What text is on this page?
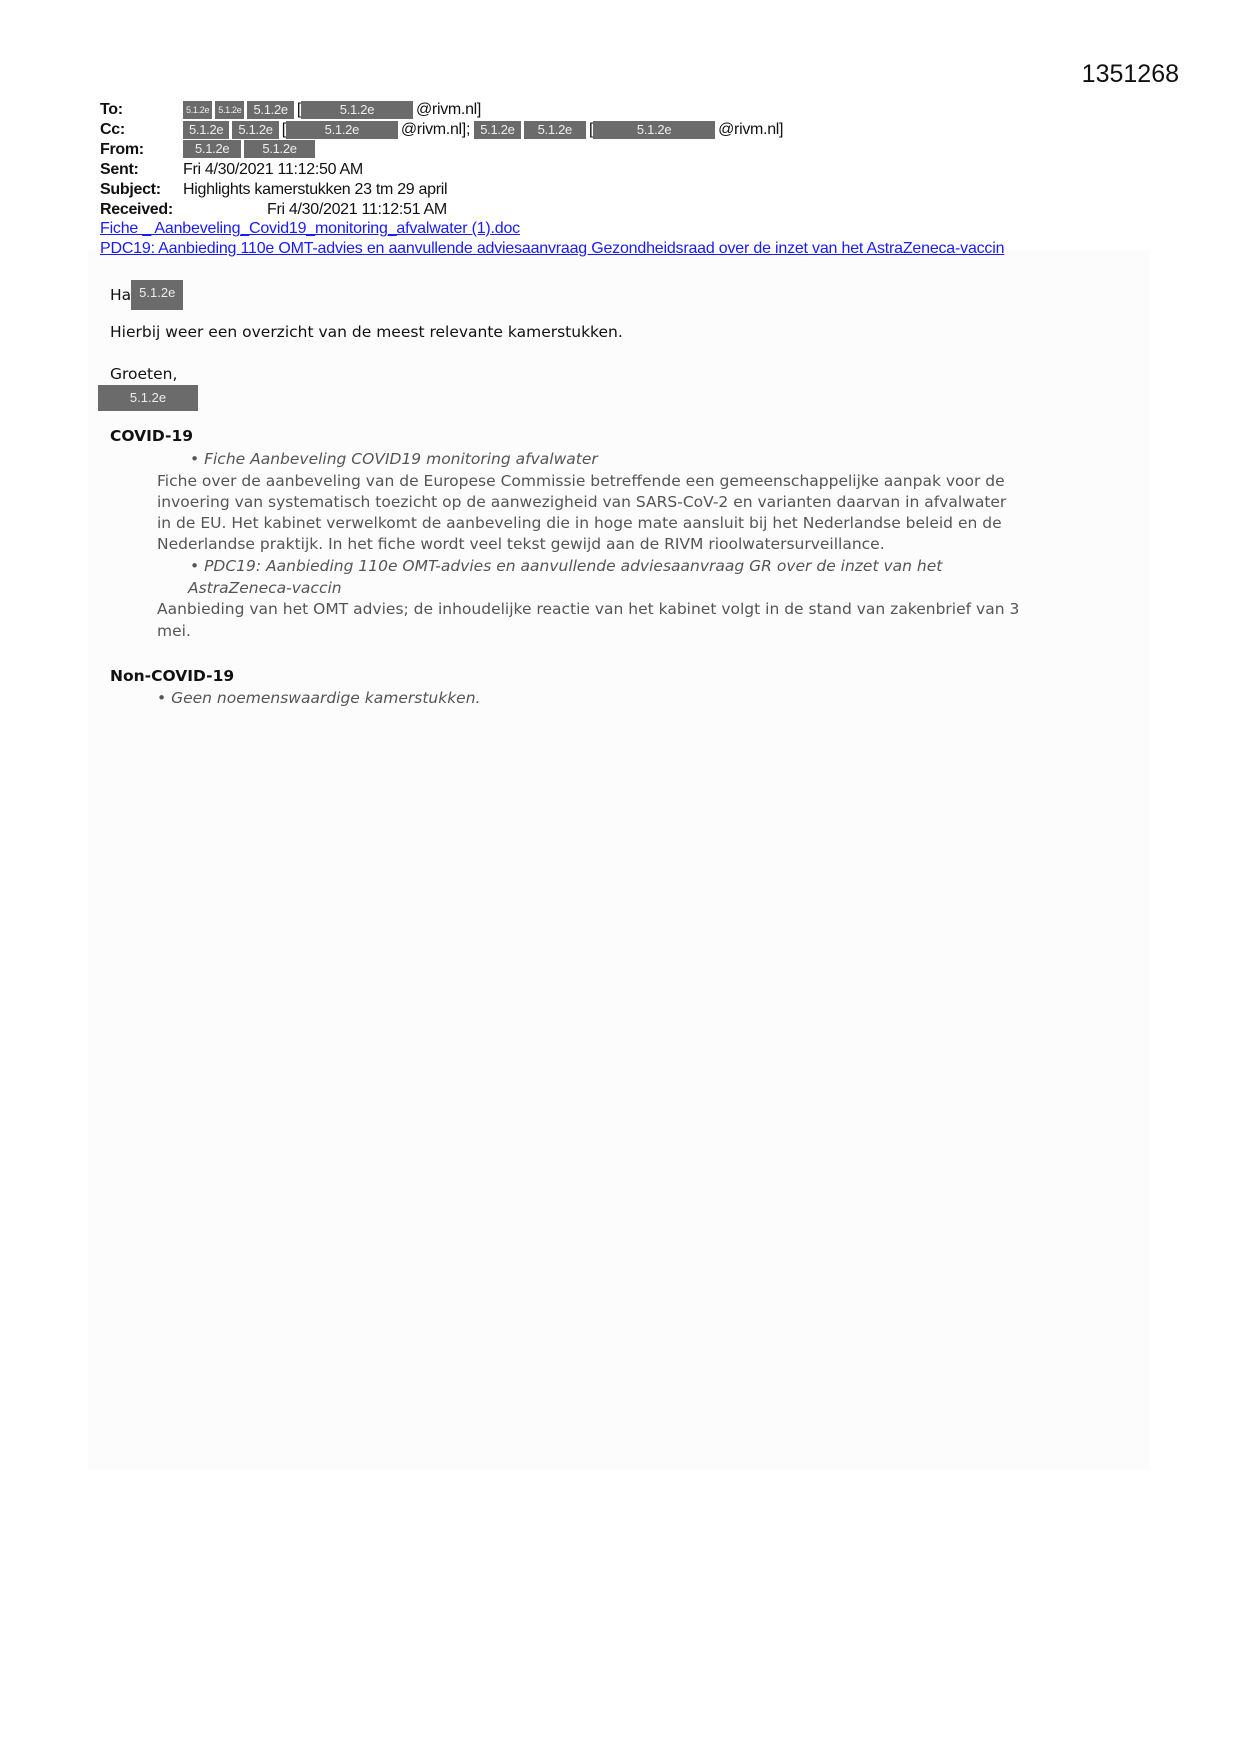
1351268
To:	5.1.2e	5.1.2e 5.1.2e [	5.1.2e	@rivm.nl]
Cc:	5.1.2e	5.1.2e [	5.1.2e	@rivm.nl];
5.1.2e	5.1.2e	[	5.1.2e	@rivm.nl]
From:	5.1.2e	5.1.2e
Sent:	Fri 4/30/2021 11:12:50 AM
Subject: Highlights kamerstukken 23 tm 29 april
Received:	Fri 4/30/2021 11:12:51 AM
Fiche _ Aanbeveling_Covid19_monitoring_afvalwater (1).doc
PDC19: Aanbieding 110e OMT-advies en aanvullende adviesaanvraag Gezondheidsraad over de inzet van het AstraZeneca-vaccin
Ha 5.1.2e
Hierbij weer een overzicht van de meest relevante kamerstukken.
Groeten,
5.1.2e
COVID-19
• Fiche Aanbeveling COVID19 monitoring afvalwater
Fiche over de aanbeveling van de Europese Commissie betreffende een gemeenschappelijke aanpak voor de
invoering van systematisch toezicht op de aanwezigheid van SARS-CoV-2 en varianten daarvan in afvalwater
in de EU. Het kabinet verwelkomt de aanbeveling die in hoge mate aansluit bij het Nederlandse beleid en de
Nederlandse praktijk. In het fiche wordt veel tekst gewijd aan de RIVM rioolwatersurveillance.
• PDC19: Aanbieding 110e OMT-advies en aanvullende adviesaanvraag GR over de inzet van het
AstraZeneca-vaccin
Aanbieding van het OMT advies; de inhoudelijke reactie van het kabinet volgt in de stand van zakenbrief van 3
mei.
Non-COVID-19
• Geen noemenswaardige kamerstukken.
